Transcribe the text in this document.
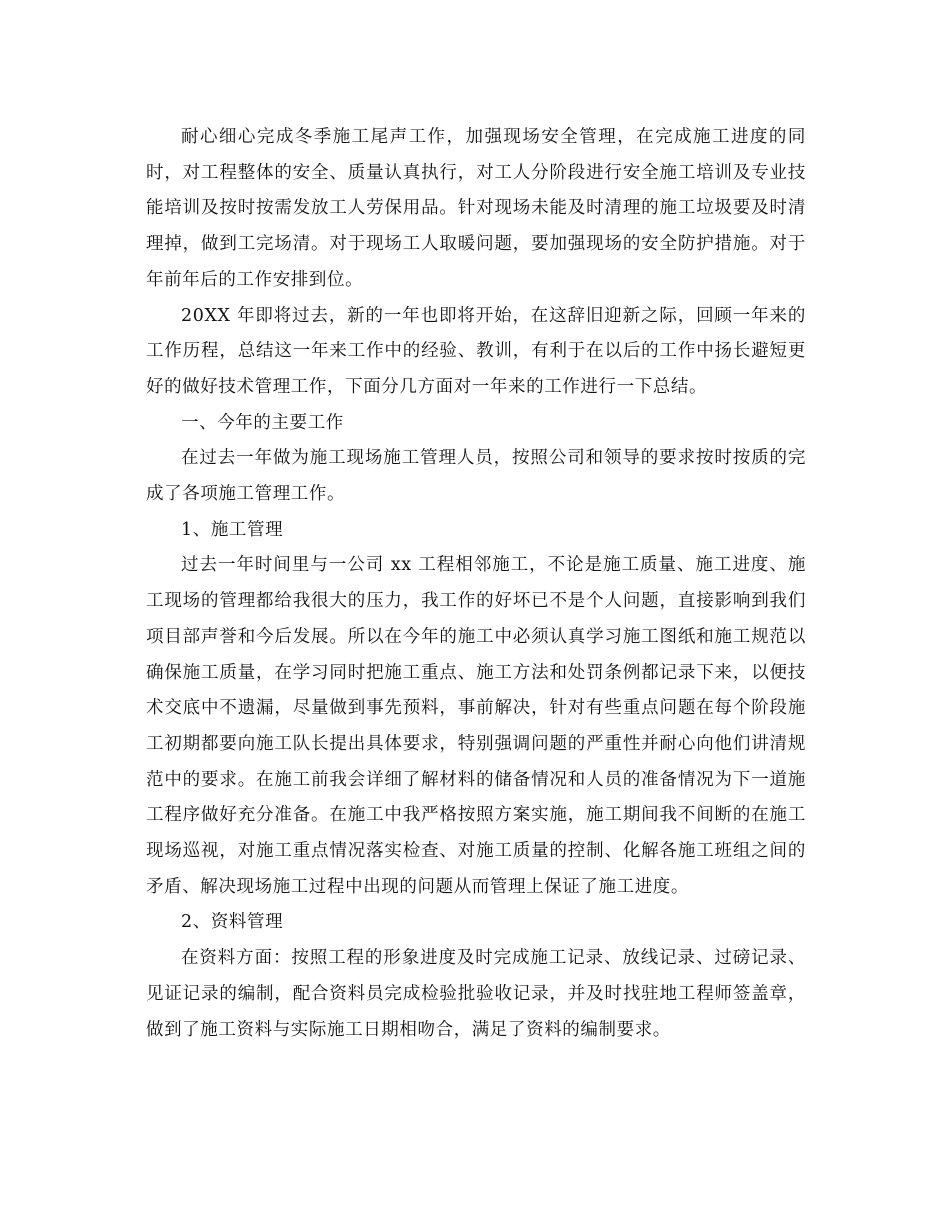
耐心细心完成冬季施工尾声工作，加强现场安全管理，在完成施工进度的同时，对工程整体的安全、质量认真执行，对工人分阶段进行安全施工培训及专业技能培训及按时按需发放工人劳保用品。针对现场未能及时清理的施工垃圾要及时清理掉，做到工完场清。对于现场工人取暖问题，要加强现场的安全防护措施。对于年前年后的工作安排到位。

20XX 年即将过去，新的一年也即将开始，在这辞旧迎新之际，回顾一年来的工作历程，总结这一年来工作中的经验、教训，有利于在以后的工作中扬长避短更好的做好技术管理工作，下面分几方面对一年来的工作进行一下总结。

一、今年的主要工作

在过去一年做为施工现场施工管理人员，按照公司和领导的要求按时按质的完成了各项施工管理工作。

1、施工管理

过去一年时间里与一公司 xx 工程相邻施工，不论是施工质量、施工进度、施工现场的管理都给我很大的压力，我工作的好坏已不是个人问题，直接影响到我们项目部声誉和今后发展。所以在今年的施工中必须认真学习施工图纸和施工规范以确保施工质量，在学习同时把施工重点、施工方法和处罚条例都记录下来，以便技术交底中不遗漏，尽量做到事先预料，事前解决，针对有些重点问题在每个阶段施工初期都要向施工队长提出具体要求，特别强调问题的严重性并耐心向他们讲清规范中的要求。在施工前我会详细了解材料的储备情况和人员的准备情况为下一道施工程序做好充分准备。在施工中我严格按照方案实施，施工期间我不间断的在施工现场巡视，对施工重点情况落实检查、对施工质量的控制、化解各施工班组之间的矛盾、解决现场施工过程中出现的问题从而管理上保证了施工进度。

2、资料管理

在资料方面：按照工程的形象进度及时完成施工记录、放线记录、过磅记录、见证记录的编制，配合资料员完成检验批验收记录，并及时找驻地工程师签盖章，做到了施工资料与实际施工日期相吻合，满足了资料的编制要求。
